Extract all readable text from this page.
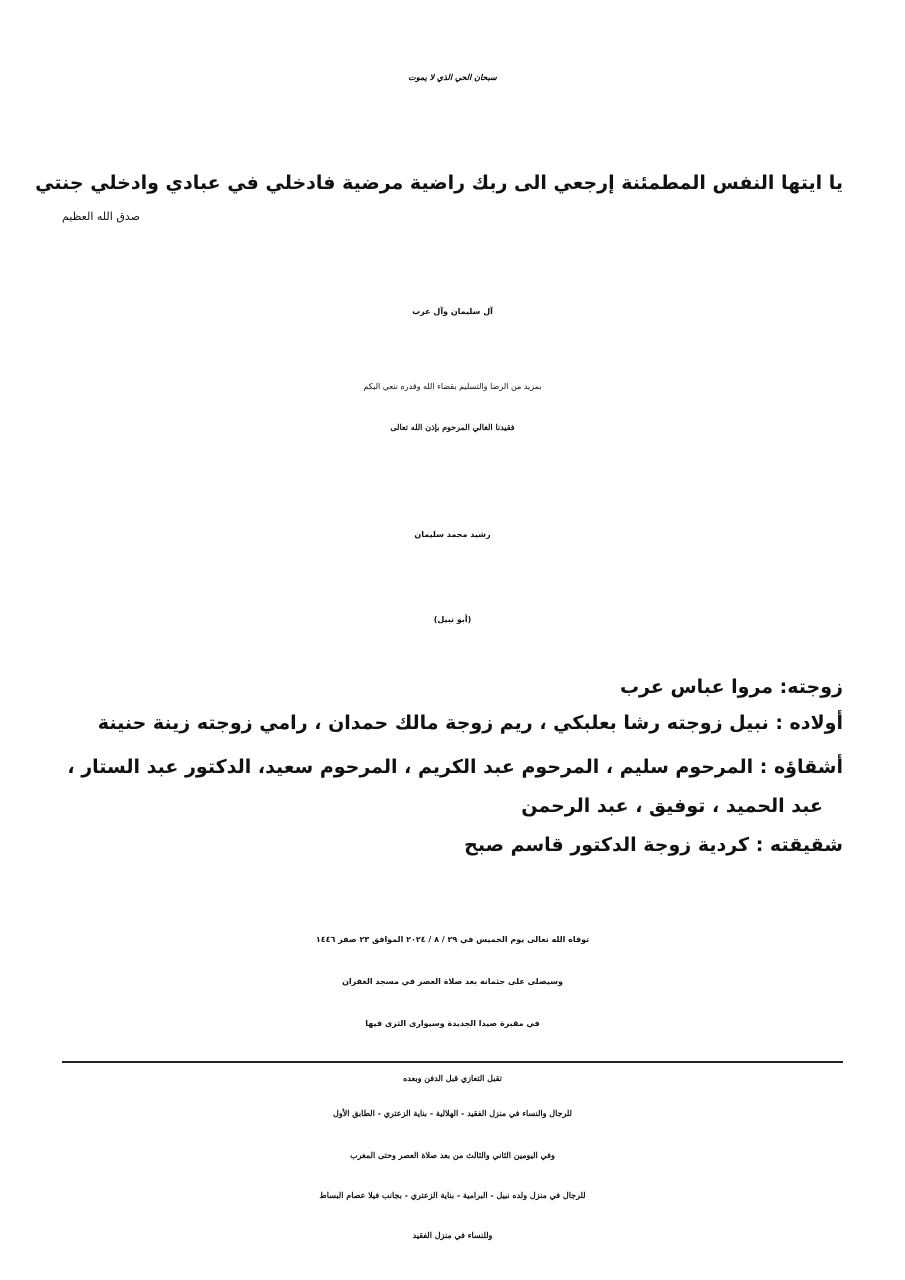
سبحان الحي الذي لا يموت
يا ايتها النفس المطمئنة إرجعي الى ربك راضية مرضية فادخلي في عبادي وادخلي جنتي
صدق الله العظيم
آل سليمان وآل عرب
بمزيد من الرضا والتسليم بقضاء الله وقدره ننعي اليكم
فقيدنا الغالي المرحوم بإذن الله تعالى
رشيد محمد سليمان
(أبو نبيل)
زوجته: مروا عباس عرب
أولاده : نبيل زوجته رشا بعلبكي ، ريم زوجة مالك حمدان ، رامي زوجته زينة حنينة
أشقاؤه : المرحوم سليم ، المرحوم عبد الكريم ، المرحوم سعيد، الدكتور عبد الستار ،
عبد الحميد ، توفيق ، عبد الرحمن
شقيقته : كردية زوجة الدكتور قاسم صبح
توفاه الله تعالى يوم الخميس في ٢٩ / ٨ / ٢٠٢٤ الموافق ٢٣ صفر ١٤٤٦
وسيصلى على جثمانه بعد صلاة العصر في مسجد الغفران
في مقبرة صيدا الجديدة وسيوارى الثرى فيها
تقبل التعازي قبل الدفن وبعده
للرجال والنساء في منزل الفقيد - الهلالية - بناية الزعتري - الطابق الأول
وفي اليومين الثاني والثالث من بعد صلاة العصر وحتى المغرب
للرجال في منزل ولده نبيل - البرامية - بناية الزعتري - بجانب فيلا عصام البساط
وللنساء في منزل الفقيد
